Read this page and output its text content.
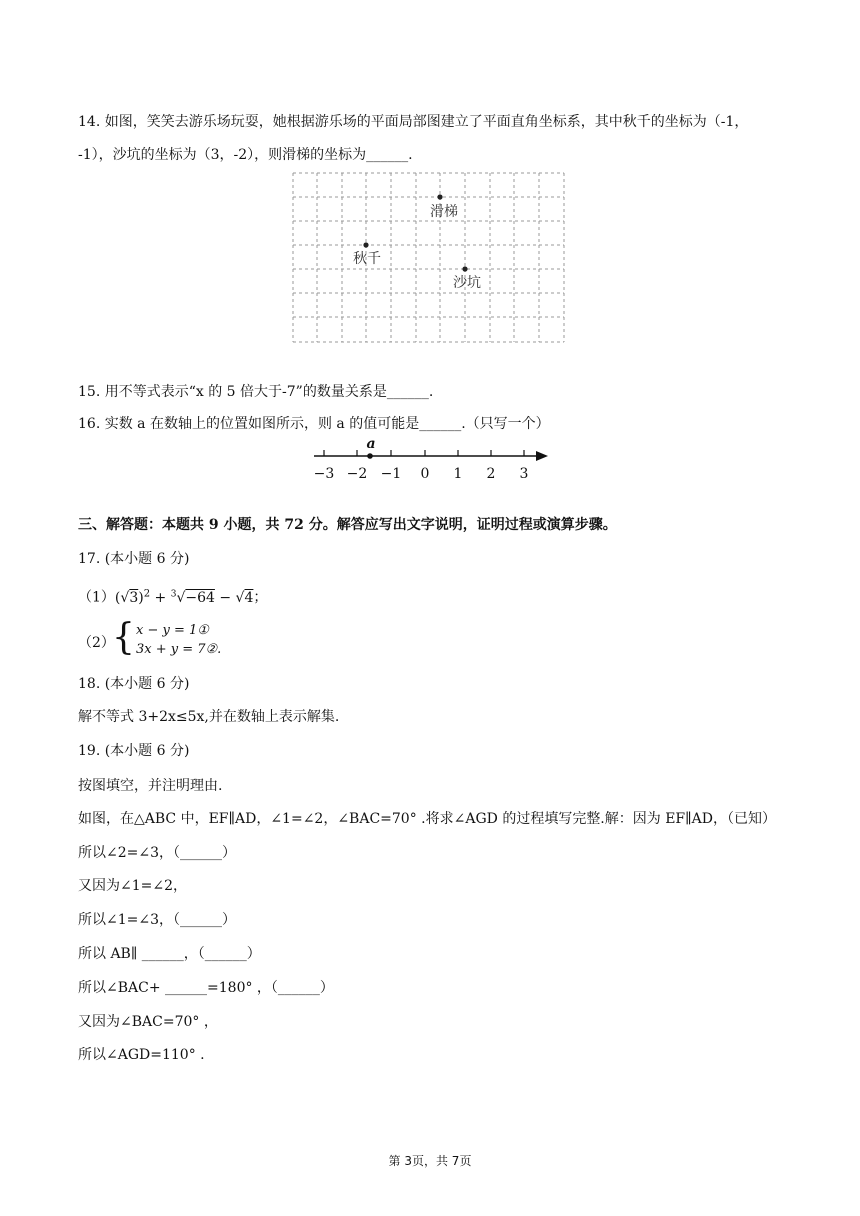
14. 如图，笑笑去游乐场玩耍，她根据游乐场的平面局部图建立了平面直角坐标系，其中秋千的坐标为（-1，
-1），沙坑的坐标为（3，-2），则滑梯的坐标为______.
滑梯
秋千
沙坑
15. 用不等式表示“x 的 5 倍大于-7”的数量关系是______.
16. 实数 a 在数轴上的位置如图所示，则 a 的值可能是______.（只写一个）
−3 −2 −1 0 1 2 3
a
三、解答题：本题共 9 小题，共 72 分。解答应写出文字说明，证明过程或演算步骤。
17. (本小题 6 分)
$(1)(√3)^2 + ^3√-64 - √4$；
（2）
{ x − y = 1①
3x + y = 7②.
18. (本小题 6 分)
解不等式 3+2x≤5x,并在数轴上表示解集.
19. (本小题 6 分)
按图填空，并注明理由.
如图，在△ABC 中，EF∥AD，∠1=∠2，∠BAC=70° .将求∠AGD 的过程填写完整.解：因为 EF∥AD，（已知）
所以∠2=∠3，（______）
又因为∠1=∠2，
所以∠1=∠3，（______）
所以 AB∥ ______，（______）
所以∠BAC+ ______=180° ，（______）
又因为∠BAC=70° ，
所以∠AGD=110° .
第 3页，共 7页
